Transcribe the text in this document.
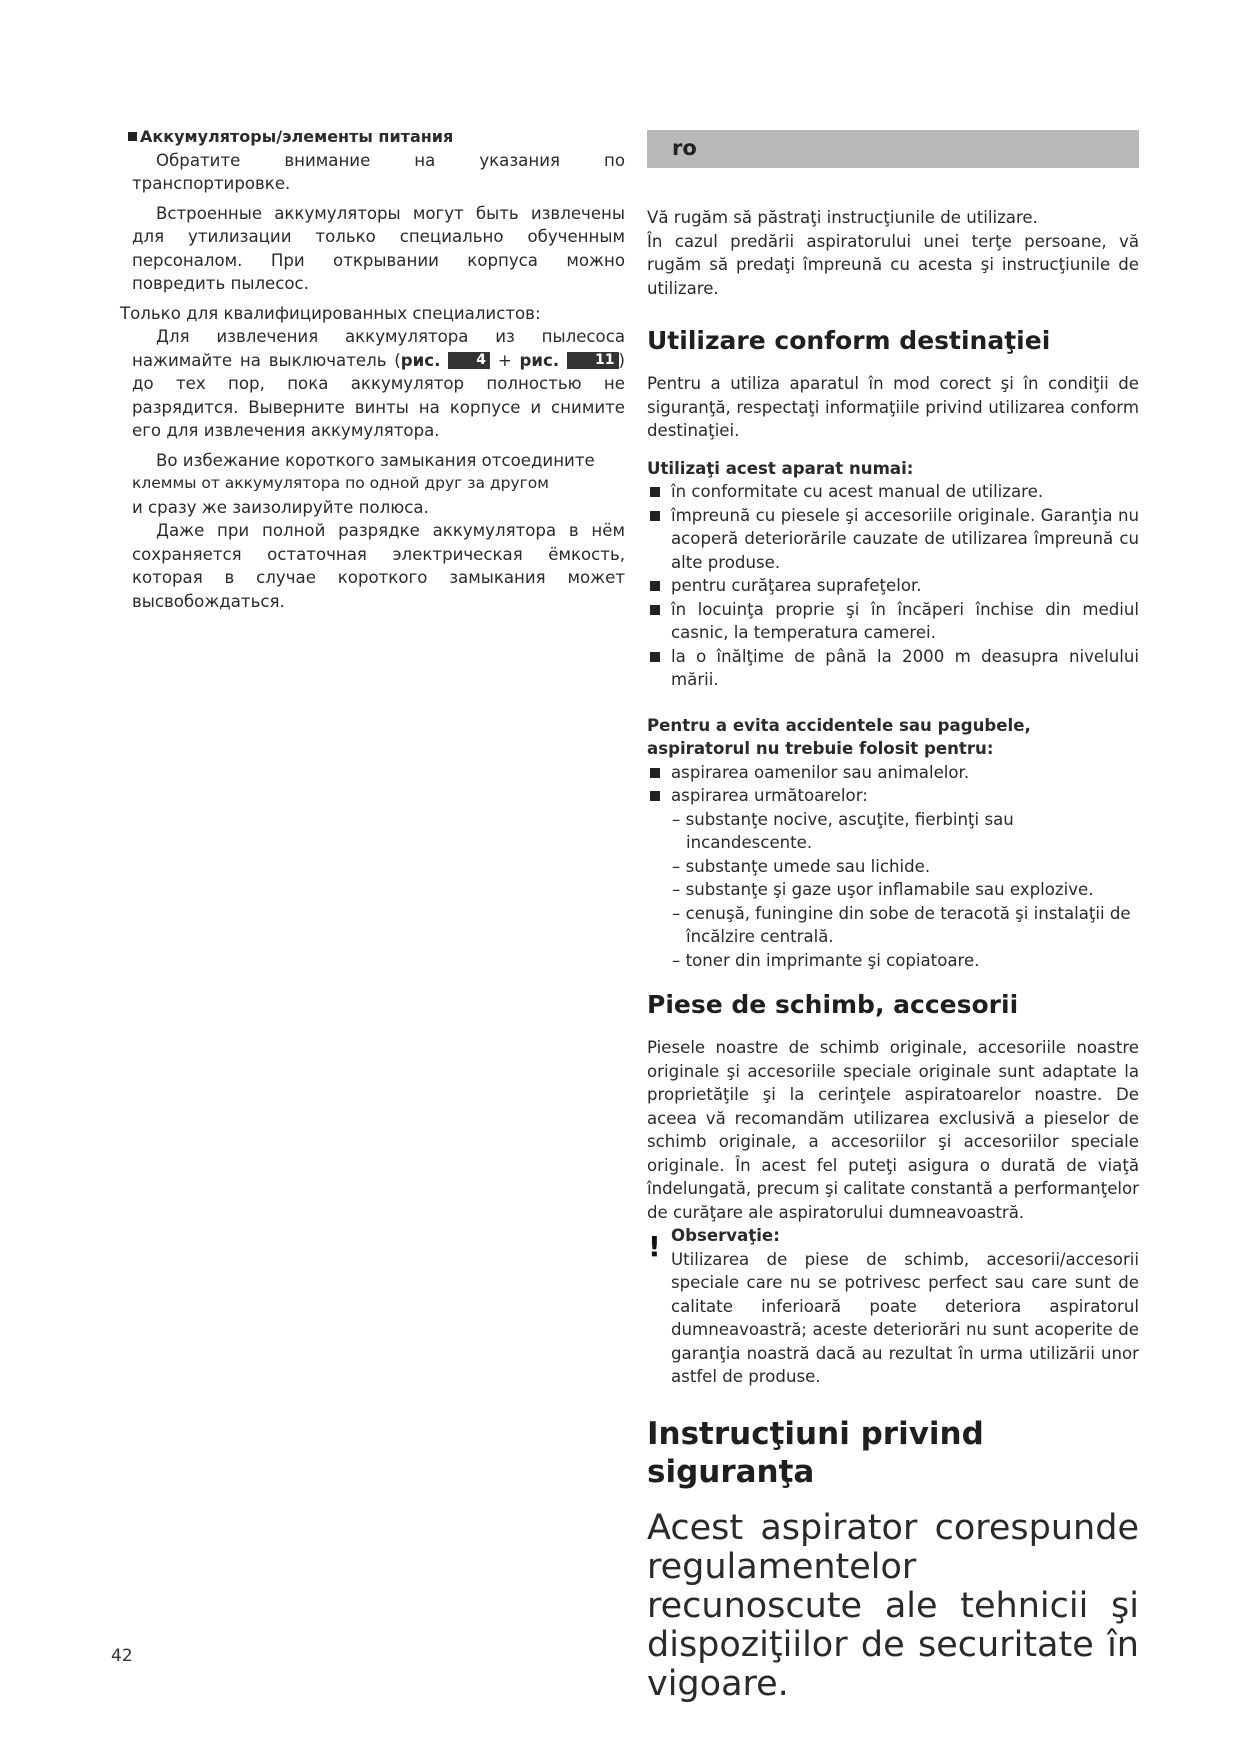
Аккумуляторы/элементы питания

Обратите внимание на указания по транспортировке.

Встроенные аккумуляторы могут быть извлечены для утилизации только специально обученным персоналом. При открывании корпуса можно повредить пылесос.

Только для квалифицированных специалистов:

Для извлечения аккумулятора из пылесоса нажимайте на выключатель (рис.	4 + рис.	11 ) до тех пор, пока аккумулятор полностью не разрядится. Выверните винты на корпусе и снимите его для извлечения аккумулятора.

Во избежание короткого замыкания отсоедините

клеммы от аккумулятора по одной друг за другом

и сразу же заизолируйте полюса.

Даже при полной разрядке аккумулятора в нём сохраняется остаточная электрическая ёмкость, которая в случае короткого замыкания может высвобождаться.

ro

Vă rugăm să păstraţi instrucţiunile de utilizare.

În cazul predării aspiratorului unei terţe persoane, vă rugăm să predaţi împreună cu acesta şi instrucţiunile de utilizare.

Utilizare conform destinaţiei

Pentru a utiliza aparatul în mod corect şi în condiţii de siguranţă, respectaţi informaţiile privind utilizarea conform destinaţiei.

Utilizaţi acest aparat numai:

în conformitate cu acest manual de utilizare.
împreună cu piesele şi accesoriile originale. Garanţia nu acoperă deteriorările cauzate de utilizarea împreună cu alte produse.
pentru curăţarea suprafeţelor.
în locuinţa proprie şi în încăperi închise din mediul casnic, la temperatura camerei.
la o înălţime de până la 2000 m deasupra nivelului mării.

Pentru a evita accidentele sau pagubele, aspiratorul nu trebuie folosit pentru:

aspirarea oamenilor sau animalelor.
aspirarea următoarelor:

– substanţe nocive, ascuţite, fierbinţi sau incandescente.

– substanţe umede sau lichide.

– substanţe şi gaze uşor inflamabile sau explozive.

– cenuşă, funingine din sobe de teracotă şi instalaţii de încălzire centrală.

– toner din imprimante şi copiatoare.

Piese de schimb, accesorii

Piesele noastre de schimb originale, accesoriile noastre originale şi accesoriile speciale originale sunt adaptate la proprietăţile şi la cerinţele aspiratoarelor noastre. De aceea vă recomandăm utilizarea exclusivă a pieselor de schimb originale, a accesoriilor şi accesoriilor speciale originale. În acest fel puteţi asigura o durată de viaţă îndelungată, precum şi calitate constantă a performanţelor de curăţare ale aspiratorului dumneavoastră.

! Observaţie:

Utilizarea de piese de schimb, accesorii/accesorii speciale care nu se potrivesc perfect sau care sunt de calitate inferioară poate deteriora aspiratorul dumneavoastră; aceste deteriorări nu sunt acoperite de garanţia noastră dacă au rezultat în urma utilizării unor astfel de produse.

Instrucţiuni privind siguranţa

Acest aspirator corespunde regulamentelor recunoscute ale tehnicii şi dispoziţiilor de securitate în vigoare.

42
